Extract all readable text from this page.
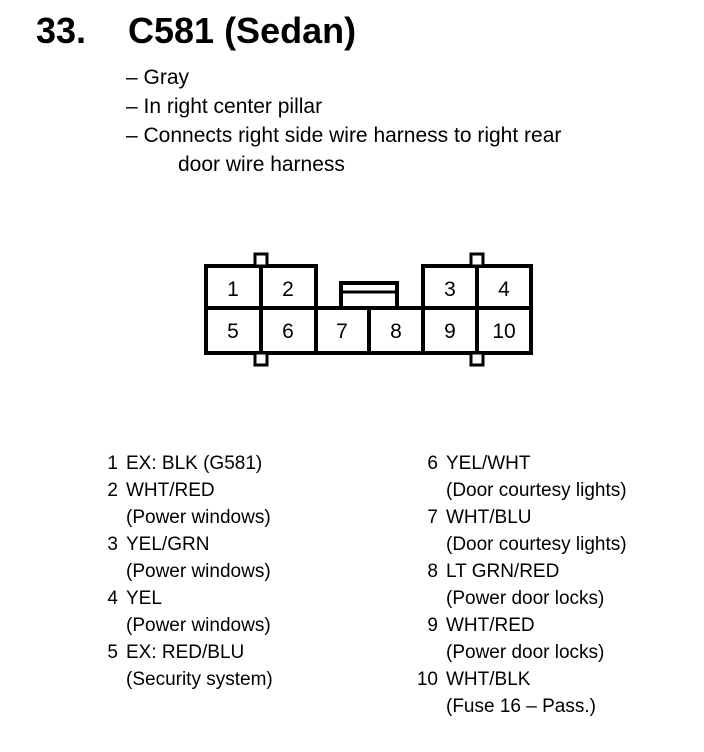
33. C581 (Sedan)
– Gray
– In right center pillar
– Connects right side wire harness to right rear
door wire harness
1 2	3 4
5 6 7 8 9 10
1 EX: BLK (G581)
2 WHT/RED
(Power windows)
3 YEL/GRN
(Power windows)
4 YEL
(Power windows)
5 EX: RED/BLU
(Security system)
6 YEL/WHT
(Door courtesy lights)
7 WHT/BLU
(Door courtesy lights)
8 LT GRN/RED
(Power door locks)
9 WHT/RED
(Power door locks)
10 WHT/BLK
(Fuse 16 – Pass.)
